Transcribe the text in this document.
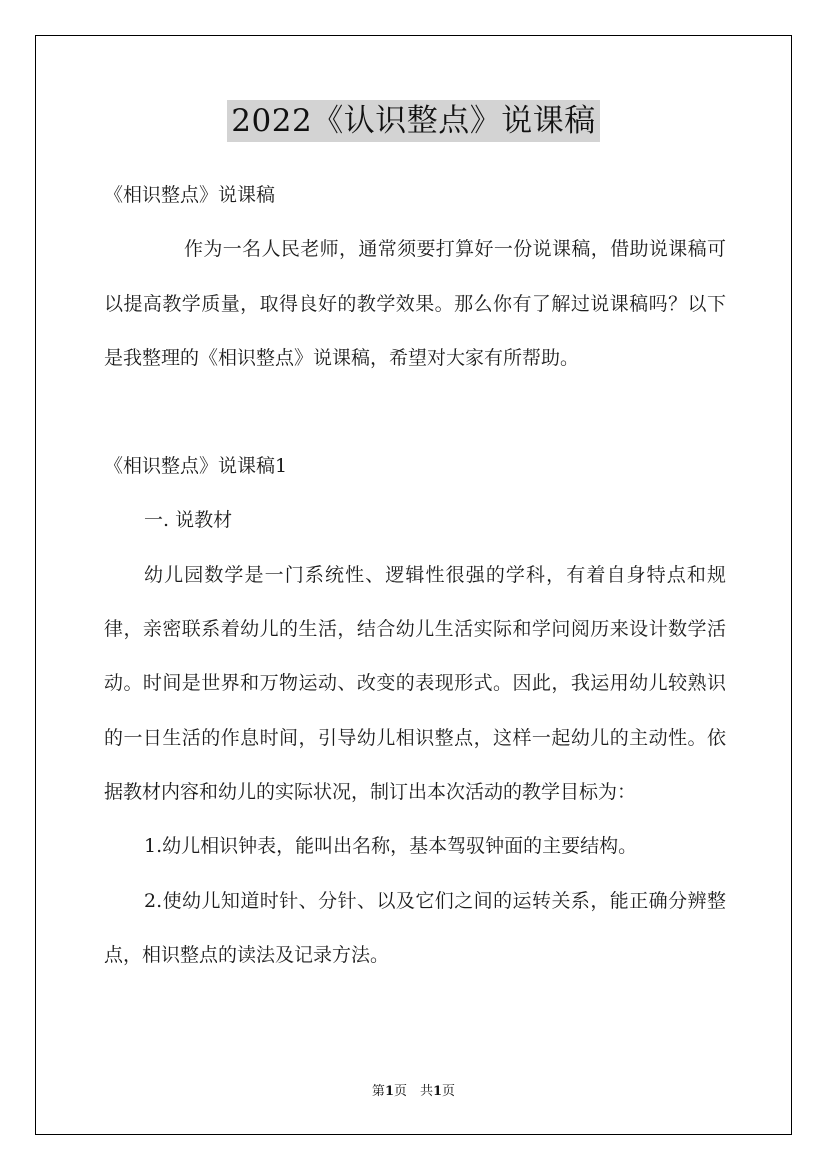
2022《认识整点》说课稿

《相识整点》说课稿

作为一名人民老师，通常须要打算好一份说课稿，借助说课稿可以提高教学质量，取得良好的教学效果。那么你有了解过说课稿吗？以下是我整理的《相识整点》说课稿，希望对大家有所帮助。

《相识整点》说课稿1

一. 说教材

幼儿园数学是一门系统性、逻辑性很强的学科，有着自身特点和规律，亲密联系着幼儿的生活，结合幼儿生活实际和学问阅历来设计数学活动。时间是世界和万物运动、改变的表现形式。因此，我运用幼儿较熟识的一日生活的作息时间，引导幼儿相识整点，这样一起幼儿的主动性。依据教材内容和幼儿的实际状况，制订出本次活动的教学目标为：

1.幼儿相识钟表，能叫出名称，基本驾驭钟面的主要结构。

2.使幼儿知道时针、分针、以及它们之间的运转关系，能正确分辨整点，相识整点的读法及记录方法。

第1页　共1页
